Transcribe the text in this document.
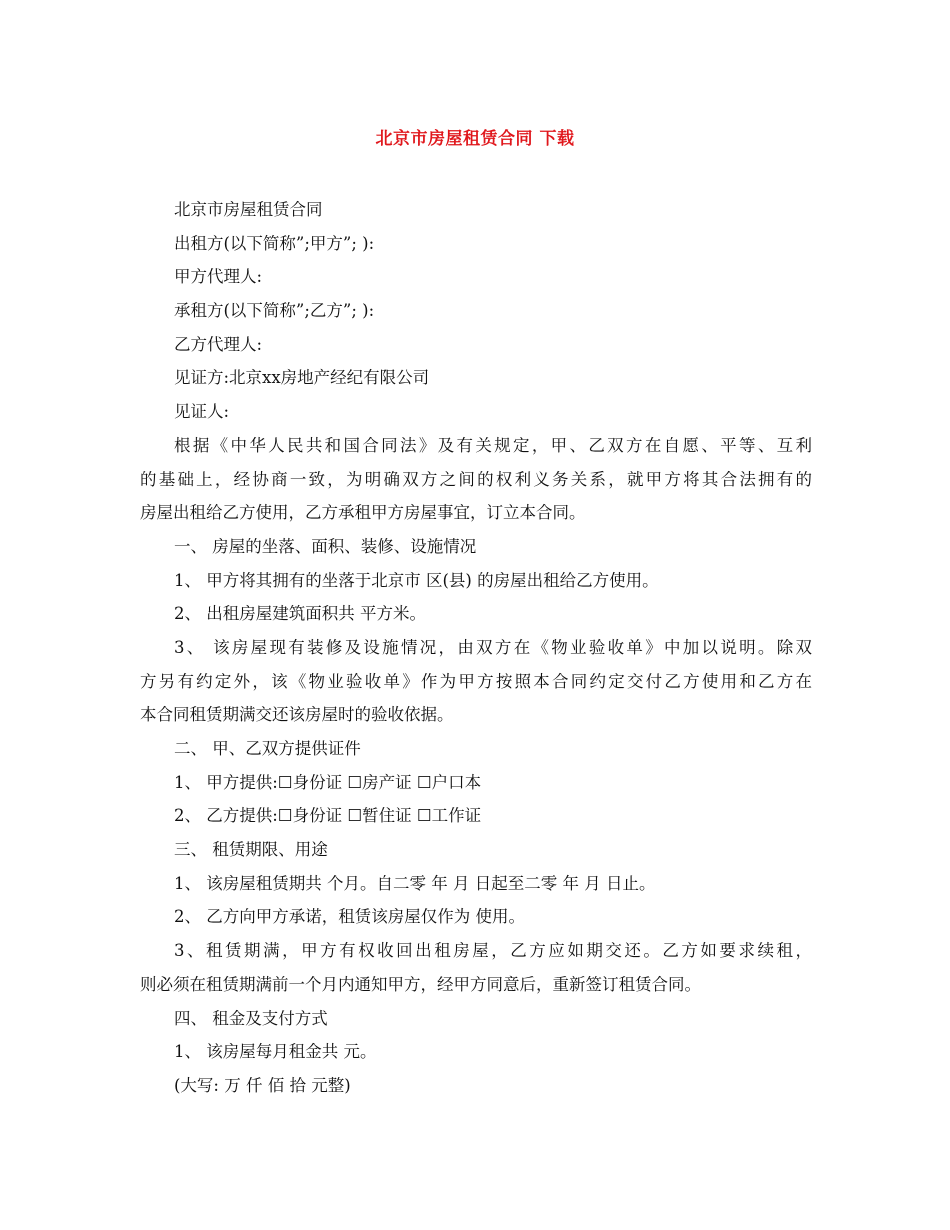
北京市房屋租赁合同 下载
北京市房屋租赁合同
出租方(以下简称”;甲方”; ):
甲方代理人:
承租方(以下简称”;乙方”; ):
乙方代理人:
见证方:北京xx房地产经纪有限公司
见证人:
根据《中华人民共和国合同法》及有关规定，甲、乙双方在自愿、平等、互利
的基础上，经协商一致，为明确双方之间的权利义务关系，就甲方将其合法拥有的
房屋出租给乙方使用，乙方承租甲方房屋事宜，订立本合同。
一、 房屋的坐落、面积、装修、设施情况
1、 甲方将其拥有的坐落于北京市 区(县) 的房屋出租给乙方使用。
2、 出租房屋建筑面积共 平方米。
3、 该房屋现有装修及设施情况，由双方在《物业验收单》中加以说明。除双
方另有约定外，该《物业验收单》作为甲方按照本合同约定交付乙方使用和乙方在
本合同租赁期满交还该房屋时的验收依据。
二、 甲、乙双方提供证件
1、 甲方提供:☐身份证 ☐房产证 ☐户口本
2、 乙方提供:☐身份证 ☐暂住证 ☐工作证
三、 租赁期限、用途
1、 该房屋租赁期共 个月。自二零 年 月 日起至二零 年 月 日止。
2、 乙方向甲方承诺，租赁该房屋仅作为 使用。
3、租赁期满，甲方有权收回出租房屋，乙方应如期交还。乙方如要求续租，
则必须在租赁期满前一个月内通知甲方，经甲方同意后，重新签订租赁合同。
四、 租金及支付方式
1、 该房屋每月租金共 元。
(大写: 万 仟 佰 拾 元整)
